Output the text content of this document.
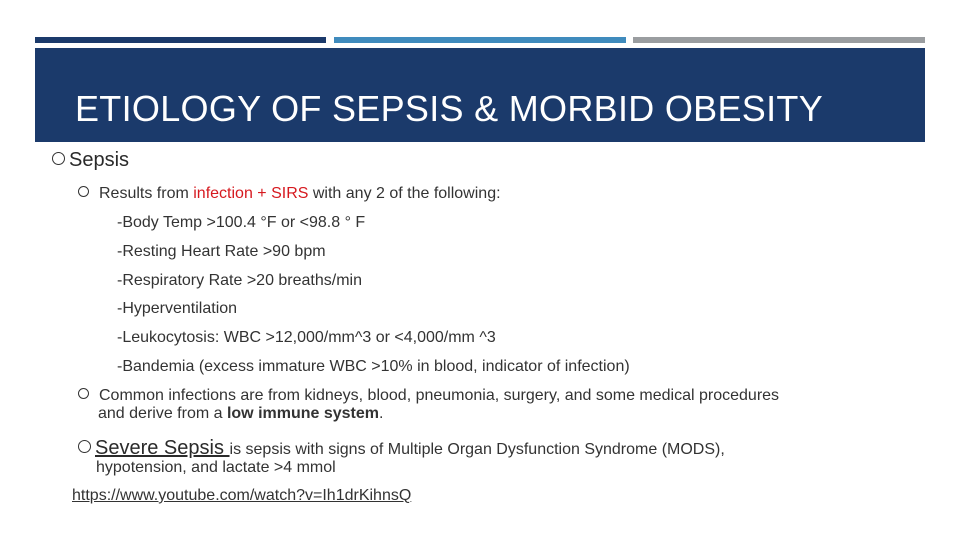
ETIOLOGY OF SEPSIS & MORBID OBESITY
Sepsis
Results from infection + SIRS with any 2 of the following:
-Body Temp >100.4 °F or <98.8 ° F
-Resting Heart Rate >90 bpm
-Respiratory Rate >20 breaths/min
-Hyperventilation
-Leukocytosis: WBC >12,000/mm^3 or <4,000/mm ^3
-Bandemia (excess immature WBC >10% in blood, indicator of infection)
Common infections are from kidneys, blood, pneumonia, surgery, and some medical procedures
and derive from a low immune system.
Severe Sepsis is sepsis with signs of Multiple Organ Dysfunction Syndrome (MODS),
hypotension, and lactate >4 mmol
https://www.youtube.com/watch?v=Ih1drKihnsQ
